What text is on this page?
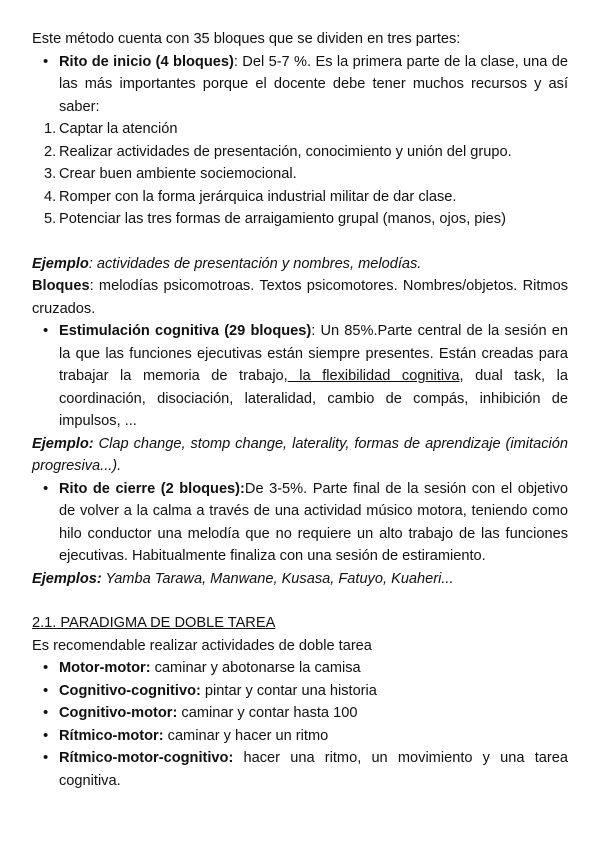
Este método cuenta con 35 bloques que se dividen en tres partes:

• Rito de inicio (4 bloques): Del 5-7 %. Es la primera parte de la clase, una de las más importantes porque el docente debe tener muchos recursos y así saber:
1. Captar la atención
2. Realizar actividades de presentación, conocimiento y unión del grupo.
3. Crear buen ambiente sociemocional.
4. Romper con la forma jerárquica industrial militar de dar clase.
5. Potenciar las tres formas de arraigamiento grupal (manos, ojos, pies)

Ejemplo: actividades de presentación y nombres, melodías.

Bloques: melodías psicomotroas. Textos psicomotores. Nombres/objetos. Ritmos cruzados.

• Estimulación cognitiva (29 bloques): Un 85%.Parte central de la sesión en la que las funciones ejecutivas están siempre presentes. Están creadas para trabajar la memoria de trabajo, la flexibilidad cognitiva, dual task, la coordinación, disociación, lateralidad, cambio de compás, inhibición de impulsos, ...

Ejemplo: Clap change, stomp change, laterality, formas de aprendizaje (imitación progresiva...).

• Rito de cierre (2 bloques):De 3-5%. Parte final de la sesión con el objetivo de volver a la calma a través de una actividad músico motora, teniendo como hilo conductor una melodía que no requiere un alto trabajo de las funciones ejecutivas. Habitualmente finaliza con una sesión de estiramiento.

Ejemplos: Yamba Tarawa, Manwane, Kusasa, Fatuyo, Kuaheri...

2.1. PARADIGMA DE DOBLE TAREA

Es recomendable realizar actividades de doble tarea

• Motor-motor: caminar y abotonarse la camisa
• Cognitivo-cognitivo: pintar y contar una historia
• Cognitivo-motor: caminar y contar hasta 100
• Rítmico-motor: caminar y hacer un ritmo
• Rítmico-motor-cognitivo: hacer una ritmo, un movimiento y una tarea cognitiva.
